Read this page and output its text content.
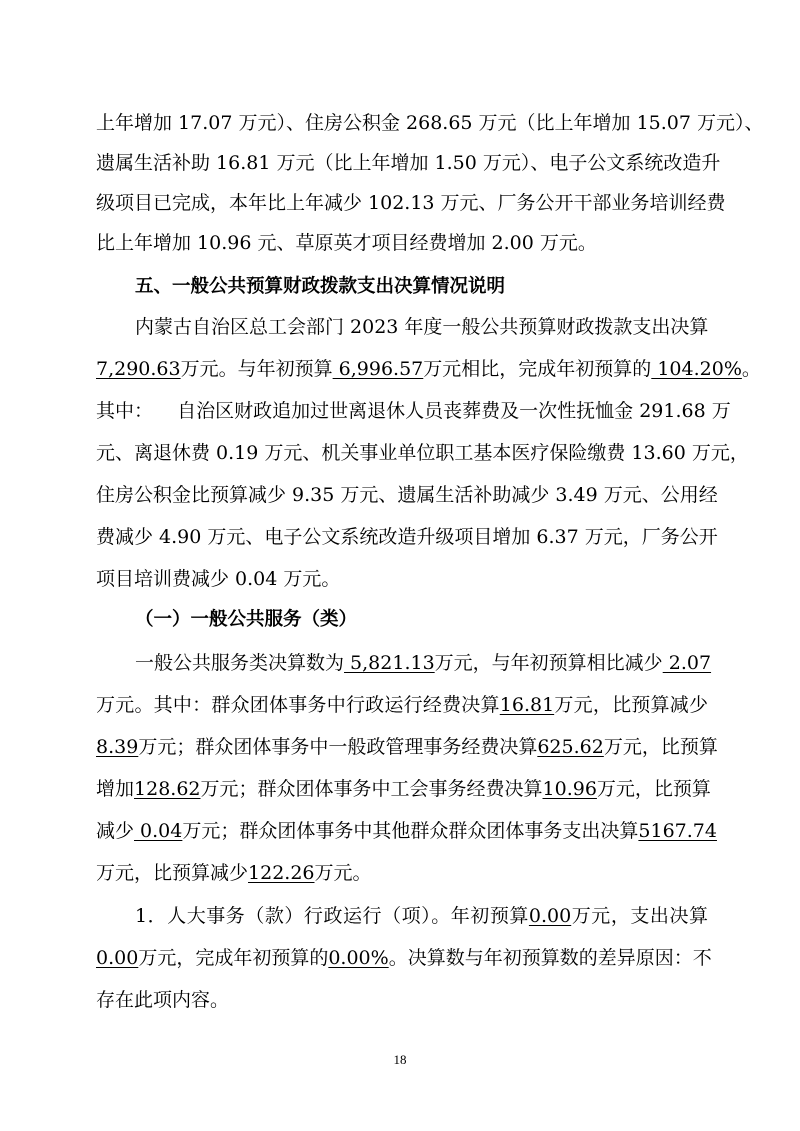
上年增加 17.07 万元）、住房公积金 268.65 万元（比上年增加 15.07 万元）、
遗属生活补助 16.81 万元（比上年增加 1.50 万元）、电子公文系统改造升
级项目已完成，本年比上年减少 102.13 万元、厂务公开干部业务培训经费
比上年增加 10.96 元、草原英才项目经费增加 2.00 万元。
五、一般公共预算财政拨款支出决算情况说明
内蒙古自治区总工会部门 2023 年度一般公共预算财政拨款支出决算
7,290.63万元。与年初预算 6,996.57万元相比，完成年初预算的 104.20%。
其中：    自治区财政追加过世离退休人员丧葬费及一次性抚恤金 291.68 万
元、离退休费 0.19 万元、机关事业单位职工基本医疗保险缴费 13.60 万元，
住房公积金比预算减少 9.35 万元、遗属生活补助减少 3.49 万元、公用经
费减少 4.90 万元、电子公文系统改造升级项目增加 6.37 万元，厂务公开
项目培训费减少 0.04 万元。
（一）一般公共服务（类）
一般公共服务类决算数为 5,821.13万元，与年初预算相比减少 2.07
万元。其中：群众团体事务中行政运行经费决算16.81万元，比预算减少
8.39万元；群众团体事务中一般政管理事务经费决算625.62万元，比预算
增加128.62万元；群众团体事务中工会事务经费决算10.96万元，比预算
减少 0.04万元；群众团体事务中其他群众群众团体事务支出决算5167.74
万元，比预算减少122.26万元。
1．人大事务（款）行政运行（项）。年初预算0.00万元，支出决算
0.00万元，完成年初预算的0.00%。决算数与年初预算数的差异原因：不
存在此项内容。
18
